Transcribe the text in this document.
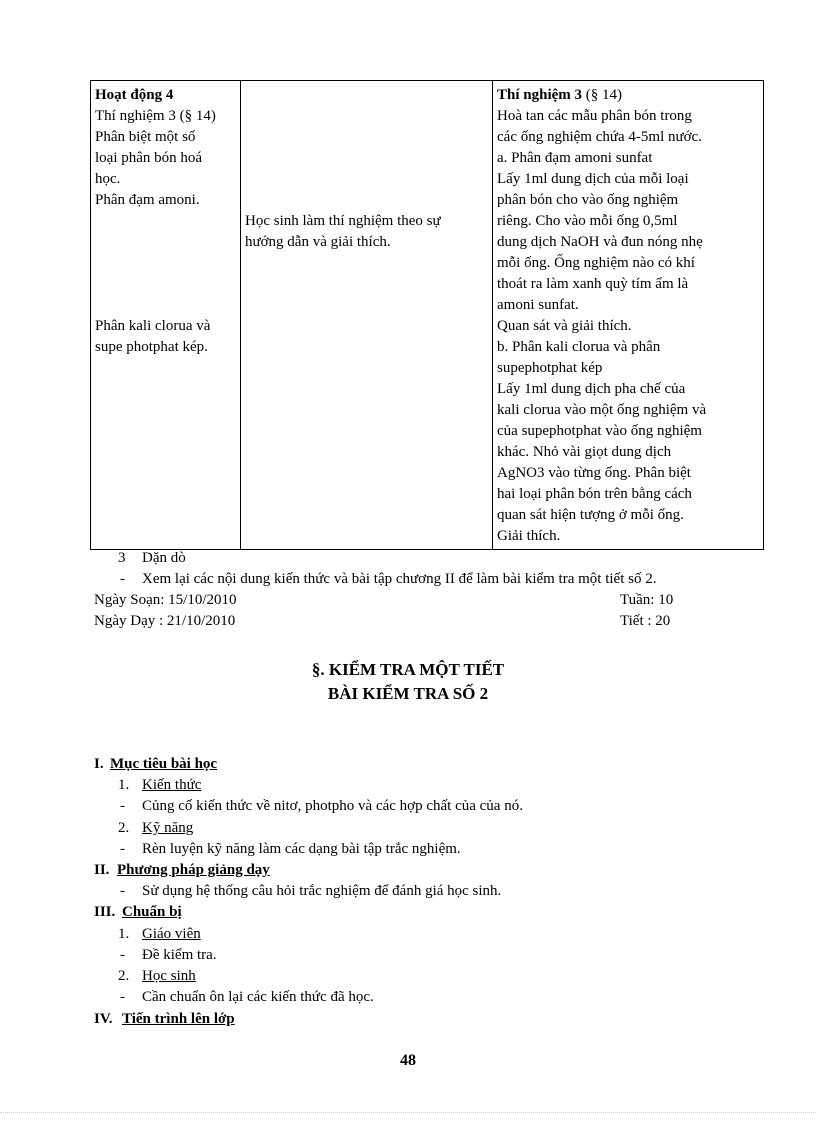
Hoạt động 4
Thí nghiệm 3 (§ 14)
Phân biệt một số
loại phân bón hoá
học.
Phân đạm amoni.
Phân kali clorua và
supe photphat kép.

Học sinh làm thí nghiệm theo sự
hướng dẫn và giải thích.

Thí nghiệm 3 (§ 14)
Hoà tan các mẫu phân bón trong
các ống nghiệm chứa 4-5ml nước.
a. Phân đạm amoni sunfat
Lấy 1ml dung dịch của mỗi loại
phân bón cho vào ống nghiệm
riêng. Cho vào mỗi ống 0,5ml
dung dịch NaOH và đun nóng nhẹ
mỗi ống. Ống nghiệm nào có khí
thoát ra làm xanh quỳ tím ẩm là
amoni sunfat.
Quan sát và giải thích.
b. Phân kali clorua và phân
supephotphat kép
Lấy 1ml dung dịch pha chế của
kali clorua vào một ống nghiệm và
của supephotphat vào ống nghiệm
khác. Nhỏ vài giọt dung dịch
AgNO3 vào từng ống. Phân biệt
hai loại phân bón trên bằng cách
quan sát hiện tượng ở mỗi ống.
Giải thích.
3 Dặn dò
- Xem lại các nội dung kiến thức và bài tập chương II để làm bài kiểm tra một tiết số 2.
Ngày Soạn: 15/10/2010	Tuần: 10
Ngày Dạy : 21/10/2010	Tiết : 20
§. KIỂM TRA MỘT TIẾT
BÀI KIỂM TRA SỐ 2
I. Mục tiêu bài học
1. Kiến thức
- Củng cố kiến thức về nitơ, photpho và các hợp chất của của nó.
2. Kỹ năng
- Rèn luyện kỹ năng làm các dạng bài tập trắc nghiệm.
II. Phương pháp giảng dạy
- Sử dụng hệ thống câu hỏi trắc nghiệm để đánh giá học sinh.
III. Chuẩn bị
1. Giáo viên
- Đề kiểm tra.
2. Học sinh
- Cần chuẩn ôn lại các kiến thức đã học.
IV. Tiến trình lên lớp
48
